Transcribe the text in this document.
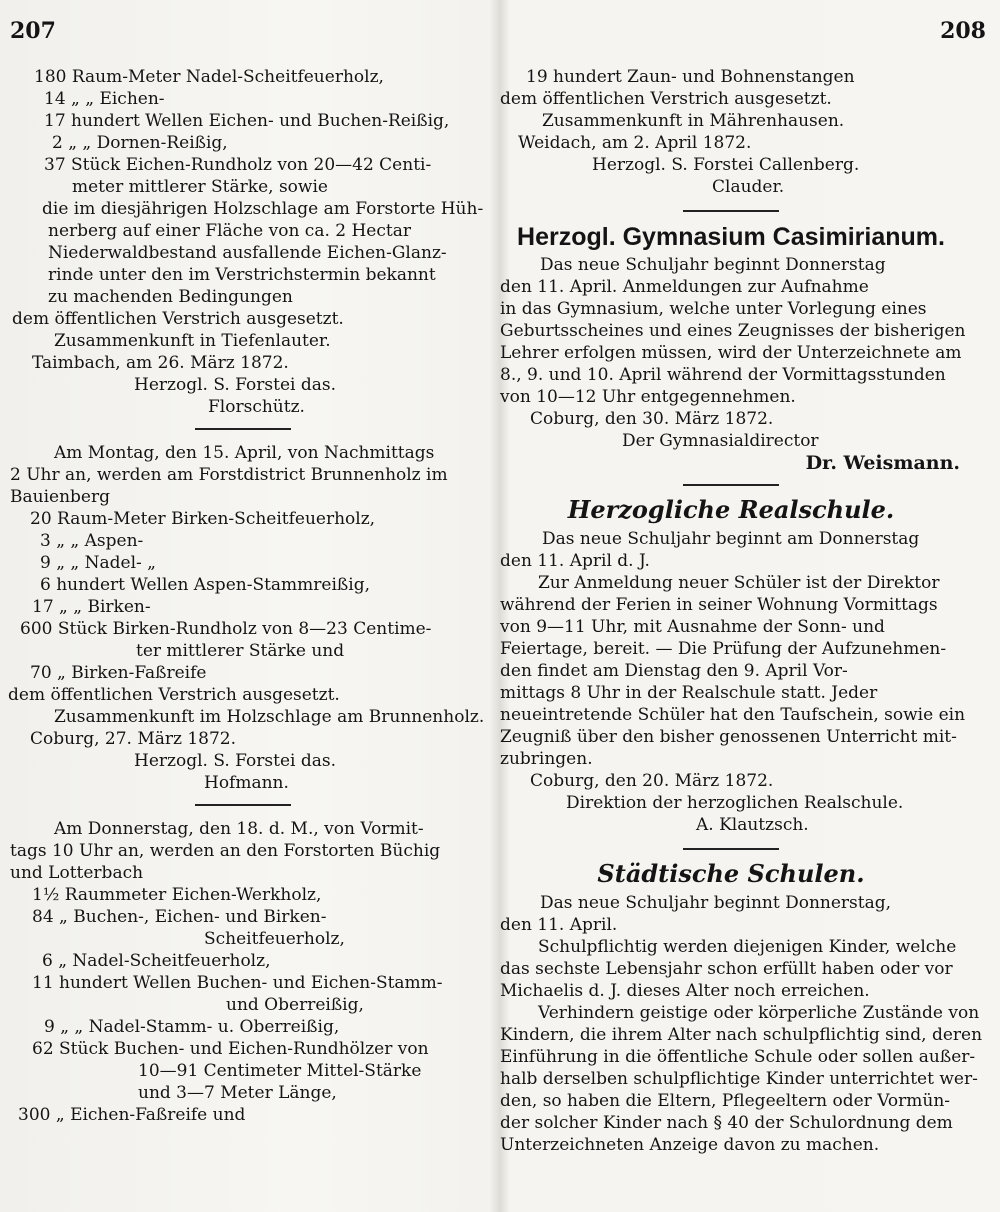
207	208
180 Raum-Meter Nadel-Scheitfeuerholz,
14 „ „ Eichen-
17 hundert Wellen Eichen- und Buchen-Reißig,
2 „ „ Dornen-Reißig,
37 Stück Eichen-Rundholz von 20—42 Centi-
meter mittlerer Stärke, sowie
die im diesjährigen Holzschlage am Forstorte Hüh-
nerberg auf einer Fläche von ca. 2 Hectar
Niederwaldbestand ausfallende Eichen-Glanz-
rinde unter den im Verstrichstermin bekannt
zu machenden Bedingungen
dem öffentlichen Verstrich ausgesetzt.
Zusammenkunft in Tiefenlauter.
Taimbach, am 26. März 1872.
Herzogl. S. Forstei das.
Florschütz.
Am Montag, den 15. April, von Nachmittags
2 Uhr an, werden am Forstdistrict Brunnenholz im
Bauienberg
20 Raum-Meter Birken-Scheitfeuerholz,
3 „ „ Aspen-
9 „ „ Nadel- „
6 hundert Wellen Aspen-Stammreißig,
17 „ „ Birken-
600 Stück Birken-Rundholz von 8—23 Centime-
ter mittlerer Stärke und
70 „ Birken-Faßreife
dem öffentlichen Verstrich ausgesetzt.
Zusammenkunft im Holzschlage am Brunnenholz.
Coburg, 27. März 1872.
Herzogl. S. Forstei das.
Hofmann.
Am Donnerstag, den 18. d. M., von Vormit-
tags 10 Uhr an, werden an den Forstorten Büchig
und Lotterbach
1½ Raummeter Eichen-Werkholz,
84 „ Buchen-, Eichen- und Birken-
Scheitfeuerholz,
6 „ Nadel-Scheitfeuerholz,
11 hundert Wellen Buchen- und Eichen-Stamm-
und Oberreißig,
9 „ „ Nadel-Stamm- u. Oberreißig,
62 Stück Buchen- und Eichen-Rundhölzer von
10—91 Centimeter Mittel-Stärke
und 3—7 Meter Länge,
300 „ Eichen-Faßreife und
19 hundert Zaun- und Bohnenstangen
dem öffentlichen Verstrich ausgesetzt.
Zusammenkunft in Mährenhausen.
Weidach, am 2. April 1872.
Herzogl. S. Forstei Callenberg.
Clauder.
Herzogl. Gymnasium Casimirianum.
Das neue Schuljahr beginnt Donnerstag
den 11. April. Anmeldungen zur Aufnahme
in das Gymnasium, welche unter Vorlegung eines
Geburtsscheines und eines Zeugnisses der bisherigen
Lehrer erfolgen müssen, wird der Unterzeichnete am
8., 9. und 10. April während der Vormittagsstunden
von 10—12 Uhr entgegennehmen.
Coburg, den 30. März 1872.
Der Gymnasialdirector
Dr. Weismann.
Herzogliche Realschule.
Das neue Schuljahr beginnt am Donnerstag
den 11. April d. J.
Zur Anmeldung neuer Schüler ist der Direktor
während der Ferien in seiner Wohnung Vormittags
von 9—11 Uhr, mit Ausnahme der Sonn- und
Feiertage, bereit. — Die Prüfung der Aufzunehmen-
den findet am Dienstag den 9. April Vor-
mittags 8 Uhr in der Realschule statt. Jeder
neueintretende Schüler hat den Taufschein, sowie ein
Zeugniß über den bisher genossenen Unterricht mit-
zubringen.
Coburg, den 20. März 1872.
Direktion der herzoglichen Realschule.
A. Klautzsch.
Städtische Schulen.
Das neue Schuljahr beginnt Donnerstag,
den 11. April.
Schulpflichtig werden diejenigen Kinder, welche
das sechste Lebensjahr schon erfüllt haben oder vor
Michaelis d. J. dieses Alter noch erreichen.
Verhindern geistige oder körperliche Zustände von
Kindern, die ihrem Alter nach schulpflichtig sind, deren
Einführung in die öffentliche Schule oder sollen außer-
halb derselben schulpflichtige Kinder unterrichtet wer-
den, so haben die Eltern, Pflegeeltern oder Vormün-
der solcher Kinder nach § 40 der Schulordnung dem
Unterzeichneten Anzeige davon zu machen.
